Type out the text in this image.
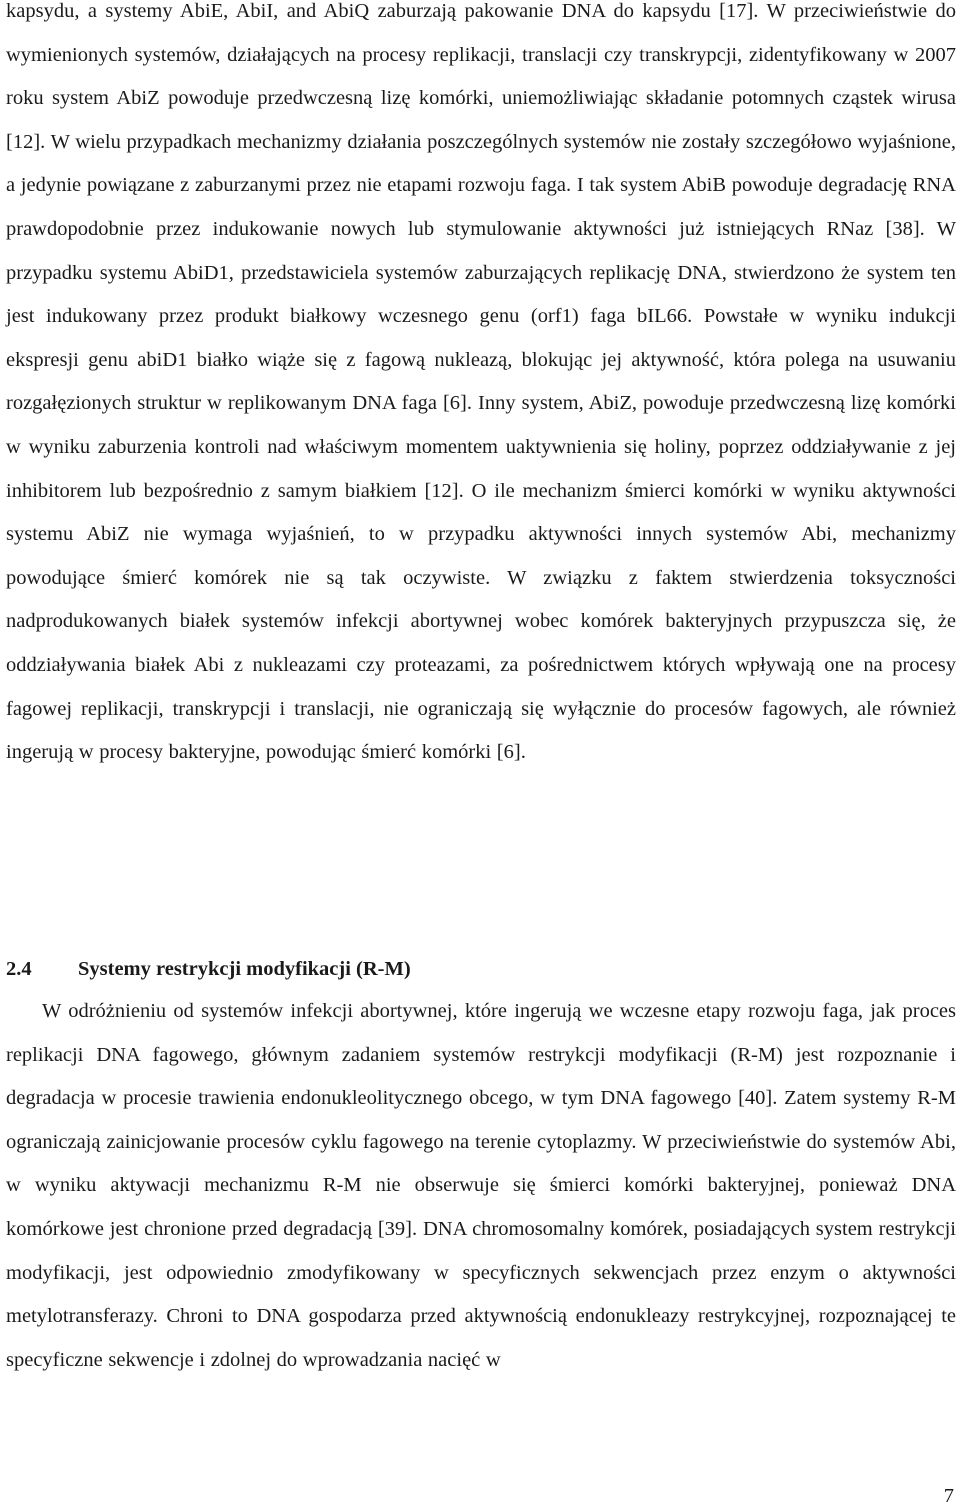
kapsydu, a systemy AbiE, AbiI, and AbiQ zaburzają pakowanie DNA do kapsydu [17]. W przeciwieństwie do wymienionych systemów, działających na procesy replikacji, translacji czy transkrypcji, zidentyfikowany w 2007 roku system AbiZ powoduje przedwczesną lizę komórki, uniemożliwiając składanie potomnych cząstek wirusa [12]. W wielu przypadkach mechanizmy działania poszczególnych systemów nie zostały szczegółowo wyjaśnione, a jedynie powiązane z zaburzanymi przez nie etapami rozwoju faga. I tak system AbiB powoduje degradację RNA prawdopodobnie przez indukowanie nowych lub stymulowanie aktywności już istniejących RNaz [38]. W przypadku systemu AbiD1, przedstawiciela systemów zaburzających replikację DNA, stwierdzono że system ten jest indukowany przez produkt białkowy wczesnego genu (orf1) faga bIL66. Powstałe w wyniku indukcji ekspresji genu abiD1 białko wiąże się z fagową nukleazą, blokując jej aktywność, która polega na usuwaniu rozgałęzionych struktur w replikowanym DNA faga [6]. Inny system, AbiZ, powoduje przedwczesną lizę komórki w wyniku zaburzenia kontroli nad właściwym momentem uaktywnienia się holiny, poprzez oddziaływanie z jej inhibitorem lub bezpośrednio z samym białkiem [12]. O ile mechanizm śmierci komórki w wyniku aktywności systemu AbiZ nie wymaga wyjaśnień, to w przypadku aktywności innych systemów Abi, mechanizmy powodujące śmierć komórek nie są tak oczywiste. W związku z faktem stwierdzenia toksyczności nadprodukowanych białek systemów infekcji abortywnej wobec komórek bakteryjnych przypuszcza się, że oddziaływania białek Abi z nukleazami czy proteazami, za pośrednictwem których wpływają one na procesy fagowej replikacji, transkrypcji i translacji, nie ograniczają się wyłącznie do procesów fagowych, ale również ingerują w procesy bakteryjne, powodując śmierć komórki [6].

2.4 Systemy restrykcji modyfikacji (R-M)

W odróżnieniu od systemów infekcji abortywnej, które ingerują we wczesne etapy rozwoju faga, jak proces replikacji DNA fagowego, głównym zadaniem systemów restrykcji modyfikacji (R-M) jest rozpoznanie i degradacja w procesie trawienia endonukleolitycznego obcego, w tym DNA fagowego [40]. Zatem systemy R-M ograniczają zainicjowanie procesów cyklu fagowego na terenie cytoplazmy. W przeciwieństwie do systemów Abi, w wyniku aktywacji mechanizmu R-M nie obserwuje się śmierci komórki bakteryjnej, ponieważ DNA komórkowe jest chronione przed degradacją [39]. DNA chromosomalny komórek, posiadających system restrykcji modyfikacji, jest odpowiednio zmodyfikowany w specyficznych sekwencjach przez enzym o aktywności metylotransferazy. Chroni to DNA gospodarza przed aktywnością endonukleazy restrykcyjnej, rozpoznającej te specyficzne sekwencje i zdolnej do wprowadzania nacięć w

7
